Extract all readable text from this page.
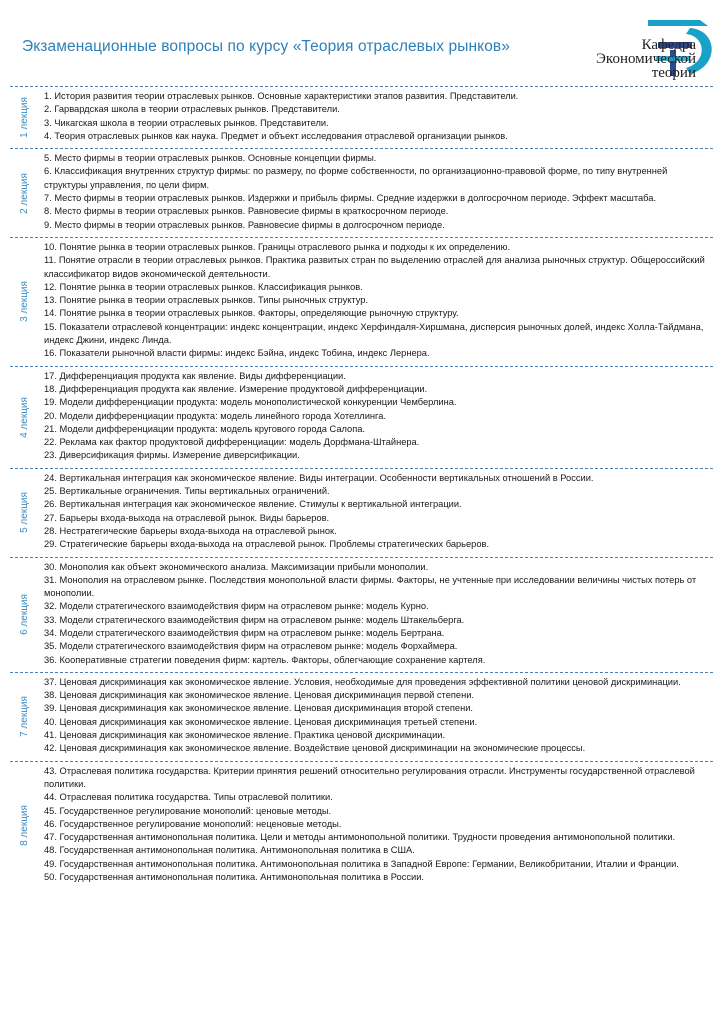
Экзаменационные вопросы по курсу «Теория отраслевых рынков»	Кафедра
Экономической
теории
1 лекция
1. История развития теории отраслевых рынков. Основные характеристики этапов развития. Представители.
2. Гарвардская школа в теории отраслевых рынков. Представители.
3. Чикагская школа в теории отраслевых рынков. Представители.
4. Теория отраслевых рынков как наука. Предмет и объект исследования отраслевой организации рынков.
2 лекция
5. Место фирмы в теории отраслевых рынков. Основные концепции фирмы.
6. Классификация внутренних структур фирмы: по размеру, по форме собственности, по организационно-правовой форме, по типу внутренней структуры управления, по цели фирм.
7. Место фирмы в теории отраслевых рынков. Издержки и прибыль фирмы. Средние издержки в долгосрочном периоде. Эффект масштаба.
8. Место фирмы в теории отраслевых рынков. Равновесие фирмы в краткосрочном периоде.
9. Место фирмы в теории отраслевых рынков. Равновесие фирмы в долгосрочном периоде.
3 лекция
10. Понятие рынка в теории отраслевых рынков. Границы отраслевого рынка и подходы к их определению.
11. Понятие отрасли в теории отраслевых рынков. Практика развитых стран по выделению отраслей для анализа рыночных структур. Общероссийский классификатор видов экономической деятельности.
12. Понятие рынка в теории отраслевых рынков. Классификация рынков.
13. Понятие рынка в теории отраслевых рынков. Типы рыночных структур.
14. Понятие рынка в теории отраслевых рынков. Факторы, определяющие рыночную структуру.
15. Показатели отраслевой концентрации: индекс концентрации, индекс Херфиндаля-Хиршмана, дисперсия рыночных долей, индекс Холла-Тайдмана, индекс Джини, индекс Линда.
16. Показатели рыночной власти фирмы: индекс Бэйна, индекс Тобина, индекс Лернера.
4 лекция
17. Дифференциация продукта как явление. Виды дифференциации.
18. Дифференциация продукта как явление. Измерение продуктовой дифференциации.
19. Модели дифференциации продукта: модель монополистической конкуренции Чемберлина.
20. Модели дифференциации продукта: модель линейного города Хотеллинга.
21. Модели дифференциации продукта: модель кругового города Салопа.
22. Реклама как фактор продуктовой дифференциации: модель Дорфмана-Штайнера.
23. Диверсификация фирмы. Измерение диверсификации.
5 лекция
24. Вертикальная интеграция как экономическое явление. Виды интеграции. Особенности вертикальных отношений в России.
25. Вертикальные ограничения. Типы вертикальных ограничений.
26. Вертикальная интеграция как экономическое явление. Стимулы к вертикальной интеграции.
27. Барьеры входа-выхода на отраслевой рынок. Виды барьеров.
28. Нестратегические барьеры входа-выхода на отраслевой рынок.
29. Стратегические барьеры входа-выхода на отраслевой рынок. Проблемы стратегических барьеров.
6 лекция
30. Монополия как объект экономического анализа. Максимизации прибыли монополии.
31. Монополия на отраслевом рынке. Последствия монопольной власти фирмы. Факторы, не учтенные при исследовании величины чистых потерь от монополии.
32. Модели стратегического взаимодействия фирм на отраслевом рынке: модель Курно.
33. Модели стратегического взаимодействия фирм на отраслевом рынке: модель Штакельберга.
34. Модели стратегического взаимодействия фирм на отраслевом рынке: модель Бертрана.
35. Модели стратегического взаимодействия фирм на отраслевом рынке: модель Форхаймера.
36. Кооперативные стратегии поведения фирм: картель. Факторы, облегчающие сохранение картеля.
7 лекция
37. Ценовая дискриминация как экономическое явление. Условия, необходимые для проведения эффективной политики ценовой дискриминации.
38. Ценовая дискриминация как экономическое явление. Ценовая дискриминация первой степени.
39. Ценовая дискриминация как экономическое явление. Ценовая дискриминация второй степени.
40. Ценовая дискриминация как экономическое явление. Ценовая дискриминация третьей степени.
41. Ценовая дискриминация как экономическое явление. Практика ценовой дискриминации.
42. Ценовая дискриминация как экономическое явление. Воздействие ценовой дискриминации на экономические процессы.
8 лекция
43. Отраслевая политика государства. Критерии принятия решений относительно регулирования отрасли. Инструменты государственной отраслевой политики.
44. Отраслевая политика государства. Типы отраслевой политики.
45. Государственное регулирование монополий: ценовые методы.
46. Государственное регулирование монополий: неценовые методы.
47. Государственная антимонопольная политика. Цели и методы антимонопольной политики. Трудности проведения антимонопольной политики.
48. Государственная антимонопольная политика. Антимонопольная политика в США.
49. Государственная антимонопольная политика. Антимонопольная политика в Западной Европе: Германии, Великобритании, Италии и Франции.
50. Государственная антимонопольная политика. Антимонопольная политика в России.
